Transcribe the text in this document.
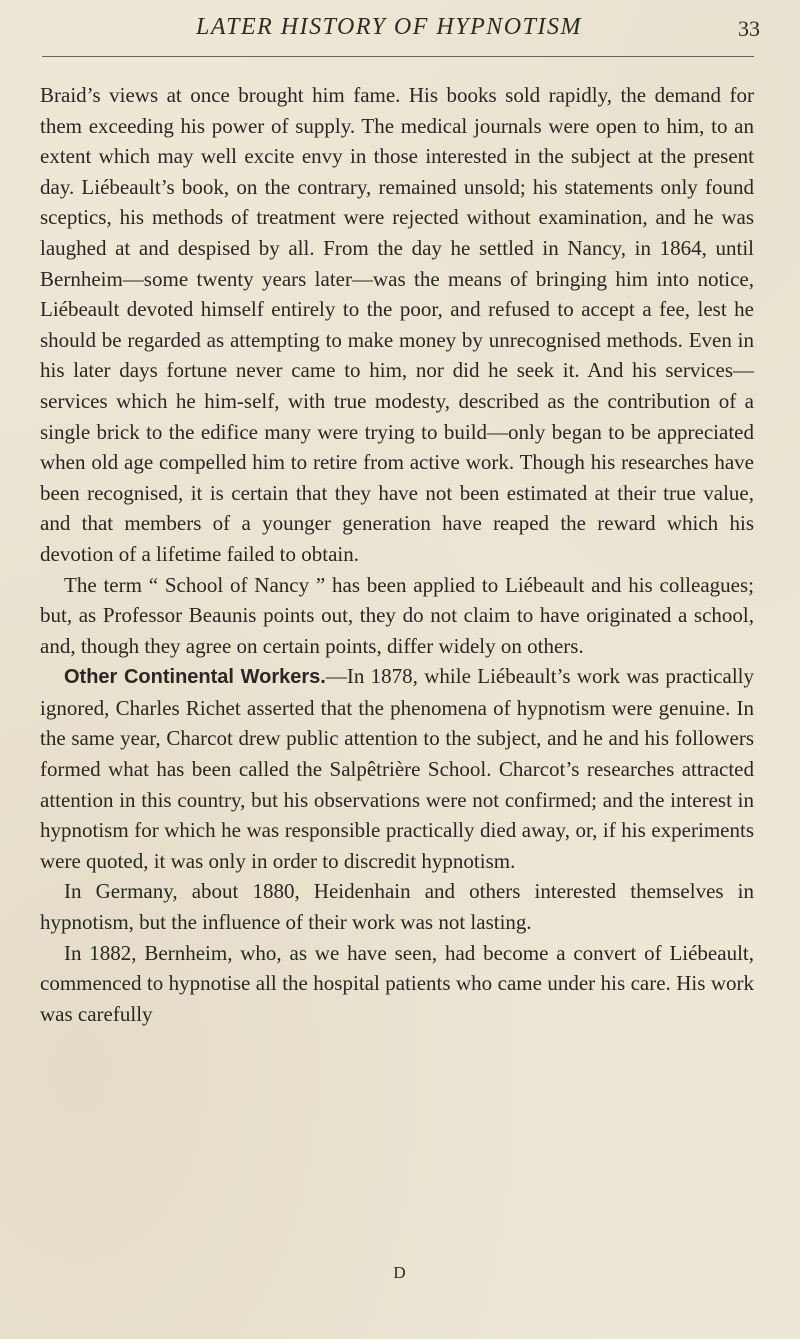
LATER HISTORY OF HYPNOTISM	33

Braid’s views at once brought him fame. His books sold rapidly, the demand for them exceeding his power of supply. The medical journals were open to him, to an extent which may well excite envy in those interested in the subject at the present day. Liébeault’s book, on the contrary, remained unsold; his statements only found sceptics, his methods of treatment were rejected without examination, and he was laughed at and despised by all. From the day he settled in Nancy, in 1864, until Bernheim—some twenty years later—was the means of bringing him into notice, Liébeault devoted himself entirely to the poor, and refused to accept a fee, lest he should be regarded as attempting to make money by unrecognised methods. Even in his later days fortune never came to him, nor did he seek it. And his services—services which he him-self, with true modesty, described as the contribution of a single brick to the edifice many were trying to build—only began to be appreciated when old age compelled him to retire from active work. Though his researches have been recognised, it is certain that they have not been estimated at their true value, and that members of a younger generation have reaped the reward which his devotion of a lifetime failed to obtain.

The term “ School of Nancy ” has been applied to Liébeault and his colleagues; but, as Professor Beaunis points out, they do not claim to have originated a school, and, though they agree on certain points, differ widely on others.

Other Continental Workers.—In 1878, while Liébeault’s work was practically ignored, Charles Richet asserted that the phenomena of hypnotism were genuine. In the same year, Charcot drew public attention to the subject, and he and his followers formed what has been called the Salpêtrière School. Charcot’s researches attracted attention in this country, but his observations were not confirmed; and the interest in hypnotism for which he was responsible practically died away, or, if his experiments were quoted, it was only in order to discredit hypnotism.

In Germany, about 1880, Heidenhain and others interested themselves in hypnotism, but the influence of their work was not lasting.

In 1882, Bernheim, who, as we have seen, had become a convert of Liébeault, commenced to hypnotise all the hospital patients who came under his care. His work was carefully

D
